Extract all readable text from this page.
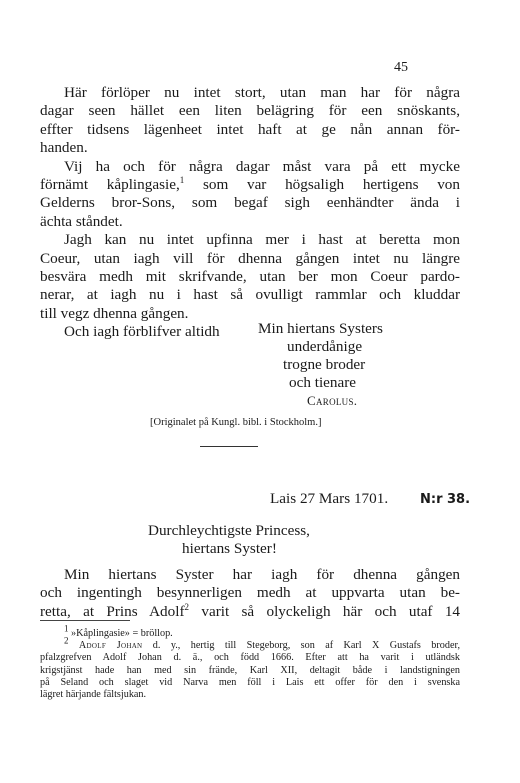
45

Här förlöper nu intet stort, utan man har för några

dagar seen hället een liten belägring för een snöskants,

effter tidsens lägenheet intet haft at ge nån annan för-

handen.

Vij ha och för några dagar måst vara på ett mycke

förnämt kåplingasie,$^1$ som var högsaligh hertigens von

Gelderns bror-Sons, som begaf sigh eenhändter ända i

ächta ståndet.

Jagh kan nu intet upfinna mer i hast at beretta mon

Coeur, utan iagh vill för dhenna gången intet nu längre

besvära medh mit skrifvande, utan ber mon Coeur pardo-

nerar, at iagh nu i hast så ovulligt rammlar och kluddar

till vegz dhenna gången.

Och iagh förblifver altidh	Min hiertans Systers
underdånige
trogne broder
och tienare
Carolus.
[Originalet på Kungl. bibl. i Stockholm.]
Lais 27 Mars 1701. N:r 38.
Durchleychtigste Princess,
hiertans Syster!

Min hiertans Syster har iagh för dhenna gången

och ingentingh besynnerligen medh at uppvarta utan be-

retta, at Prins Adolf$^2$ varit så olyckeligh här och utaf 14

$^1$ »Kåplingasie» = bröllop.

$^2$ Adolf Johan d. y., hertig till Stegeborg, son af Karl X Gustafs broder,

pfalzgrefven Adolf Johan d. ä., och född 1666. Efter att ha varit i utländsk

krigstjänst hade han med sin frände, Karl XII, deltagit både i landstigningen

på Seland och slaget vid Narva men föll i Lais ett offer för den i svenska

lägret härjande fältsjukan.
